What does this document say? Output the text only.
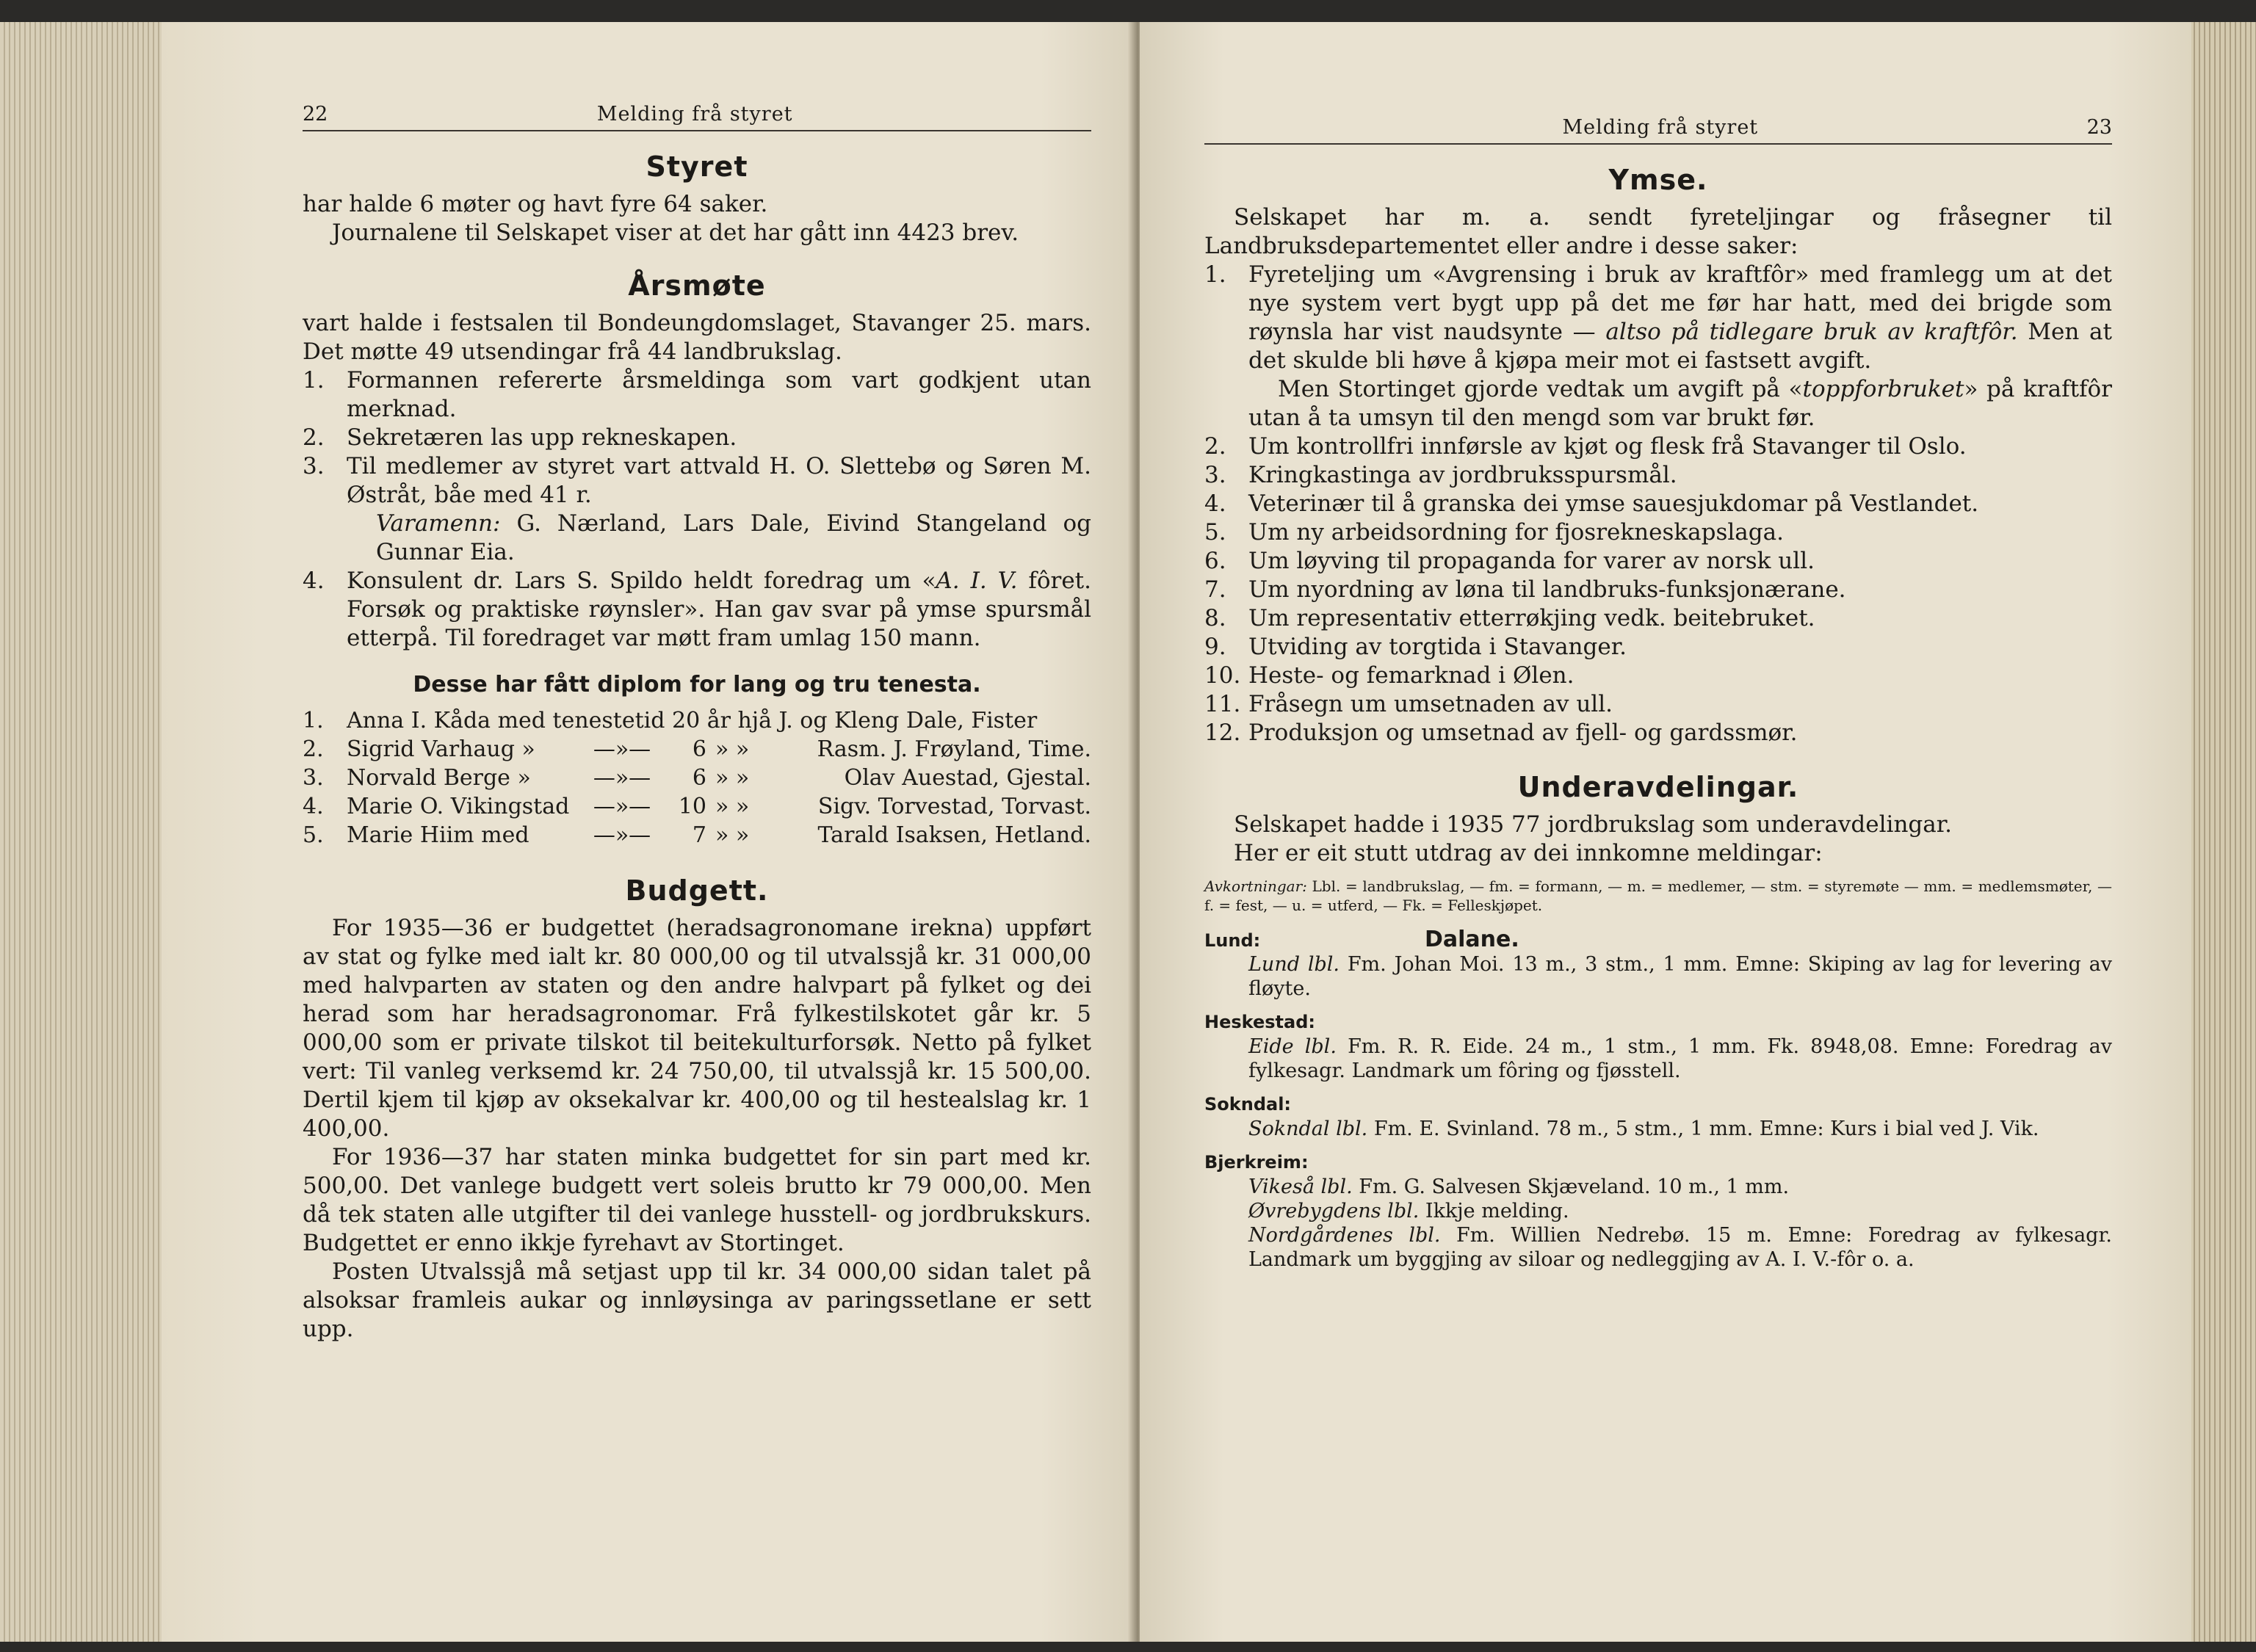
22	Melding frå styret
Styret

har halde 6 møter og havt fyre 64 saker.

Journalene til Selskapet viser at det har gått inn 4423 brev.

Årsmøte

vart halde i festsalen til Bondeungdomslaget, Stavanger 25. mars. Det møtte 49 utsendingar frå 44 landbrukslag.

1. Formannen refererte årsmeldinga som vart godkjent utan merknad.
2. Sekretæren las upp rekneskapen.
3. Til medlemer av styret vart attvald H. O. Slettebø og Søren M. Østråt, båe med 41 r.
Varamenn: G. Nærland, Lars Dale, Eivind Stangeland og Gunnar Eia.
4. Konsulent dr. Lars S. Spildo heldt foredrag um «A. I. V. fôret. Forsøk og praktiske røynsler». Han gav svar på ymse spursmål etterpå. Til foredraget var møtt fram umlag 150 mann.
Desse har fått diplom for lang og tru tenesta.
1.	Anna I. Kåda med tenestetid 20 år hjå J. og Kleng Dale, Fister
2.	Sigrid Varhaug »	—»—	6 » »	Rasm. J. Frøyland, Time.
3.	Norvald Berge »	—»—	6 » »	Olav Auestad, Gjestal.
4.	Marie O. Vikingstad	—»—	10 » »	Sigv. Torvestad, Torvast.
5.	Marie Hiim med	—»—	7 » »	Tarald Isaksen, Hetland.
Budgett.

For 1935—36 er budgettet (heradsagronomane irekna) uppført av stat og fylke med ialt kr. 80 000,00 og til utvalssjå kr. 31 000,00 med halvparten av staten og den andre halvpart på fylket og dei herad som har heradsagronomar. Frå fylkestilskotet går kr. 5 000,00 som er private tilskot til beitekulturforsøk. Netto på fylket vert: Til vanleg verksemd kr. 24 750,00, til utvalssjå kr. 15 500,00. Dertil kjem til kjøp av oksekalvar kr. 400,00 og til hestealslag kr. 1 400,00.

For 1936—37 har staten minka budgettet for sin part med kr. 500,00. Det vanlege budgett vert soleis brutto kr 79 000,00. Men då tek staten alle utgifter til dei vanlege husstell- og jordbrukskurs. Budgettet er enno ikkje fyrehavt av Stortinget.

Posten Utvalssjå må setjast upp til kr. 34 000,00 sidan talet på alsoksar framleis aukar og innløysinga av paringssetlane er sett upp.

Melding frå styret	23
Ymse.

Selskapet har m. a. sendt fyreteljingar og fråsegner til Landbruksdepartementet eller andre i desse saker:

1. Fyreteljing um «Avgrensing i bruk av kraftfôr» med framlegg um at det nye system vert bygt upp på det me før har hatt, med dei brigde som røynsla har vist naudsynte — altso på tidlegare bruk av kraftfôr. Men at det skulde bli høve å kjøpa meir mot ei fastsett avgift.
Men Stortinget gjorde vedtak um avgift på «toppforbruket» på kraftfôr utan å ta umsyn til den mengd som var brukt før.
2. Um kontrollfri innførsle av kjøt og flesk frå Stavanger til Oslo.
3. Kringkastinga av jordbruksspursmål.
4. Veterinær til å granska dei ymse sauesjukdomar på Vestlandet.
5. Um ny arbeidsordning for fjosrekneskapslaga.
6. Um løyving til propaganda for varer av norsk ull.
7. Um nyordning av løna til landbruks-funksjonærane.
8. Um representativ etterrøkjing vedk. beitebruket.
9. Utviding av torgtida i Stavanger.
10. Heste- og femarknad i Ølen.
11. Fråsegn um umsetnaden av ull.
12. Produksjon og umsetnad av fjell- og gardssmør.
Underavdelingar.

Selskapet hadde i 1935 77 jordbrukslag som underavdelingar.

Her er eit stutt utdrag av dei innkomne meldingar:

Avkortningar: Lbl. = landbrukslag, — fm. = formann, — m. = medlemer, — stm. = styremøte — mm. = medlemsmøter, — f. = fest, — u. = utferd, — Fk. = Felleskjøpet.
Lund:	Dalane.
Lund lbl. Fm. Johan Moi. 13 m., 3 stm., 1 mm. Emne: Skiping av lag for levering av fløyte.
Heskestad:
Eide lbl. Fm. R. R. Eide. 24 m., 1 stm., 1 mm. Fk. 8948,08. Emne: Foredrag av fylkesagr. Landmark um fôring og fjøsstell.
Sokndal:
Sokndal lbl. Fm. E. Svinland. 78 m., 5 stm., 1 mm. Emne: Kurs i bial ved J. Vik.
Bjerkreim:
Vikeså lbl. Fm. G. Salvesen Skjæveland. 10 m., 1 mm.
Øvrebygdens lbl. Ikkje melding.
Nordgårdenes lbl. Fm. Willien Nedrebø. 15 m. Emne: Foredrag av fylkesagr. Landmark um byggjing av siloar og nedleggjing av A. I. V.-fôr o. a.
